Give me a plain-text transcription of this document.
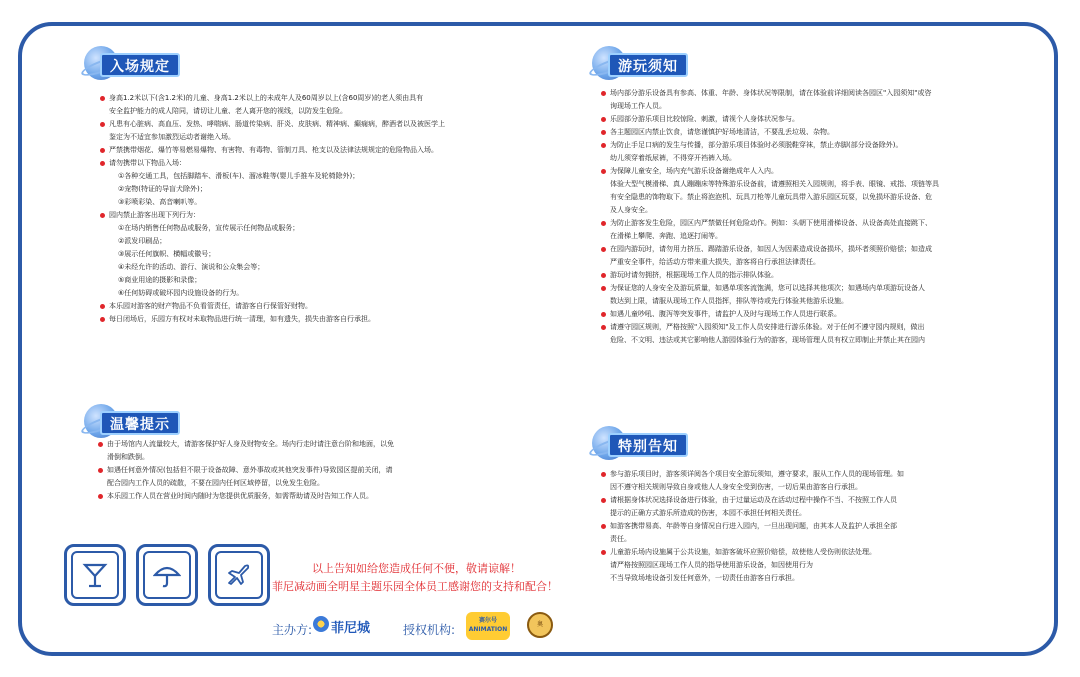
入场规定	游玩须知
温馨提示
特别告知
身高1.2米以下(含1.2米)的儿童、身高1.2米以上的未成年人及60周岁以上(含60周岁)的老人须由具有
安全监护能力的成人陪同，请切让儿童、老人离开您的视线，以防发生危险。
凡患有心脏病、高血压、发热、哮喘病、肠道传染病、肝炎、皮肤病、精神病、癫痫病，醉酒者以及被医学上
鉴定为不适宜参加激烈运动者谢绝入场。
严禁携带烟花、爆竹等易燃易爆物、有害物、有毒物、管制刀具、枪支以及法律法规规定的危险物品入场。
请勿携带以下物品入场：
①各种交通工具，包括脚踏车、滑板(车)、溜冰鞋等(婴儿手推车及轮椅除外)；
②宠物(特证的导盲犬除外)；
③彩喷彩染、高音喇叭等。
园内禁止游客出现下列行为：
①在场内销售任何物品或服务，宣传展示任何物品或服务；
②派发印刷品；
③展示任何旗帜、横幅或徽号；
④未经允许的活动、游行、演说和公众集会等；
⑤商业用途的摄影和录像；
⑥任何妨碍或破坏园内设施设备的行为。
本乐园对游客的财产物品不负看管责任，请游客自行保管好财物。
每日闭场后，乐园方有权对未取物品进行统一清理，如有遗失，损失由游客自行承担。
由于场馆内人流量较大，请游客保护好人身及财物安全。场内行走时请注意台阶和地面，以免
滑倒和跌倒。
如遇任何意外情况(包括但不限于设备故障、意外事故或其他突发事件)导致园区提前关闭，请
配合园内工作人员的疏散，不要在园内任何区域停留，以免发生危险。
本乐园工作人员在营业时间内随时为您提供优质服务，如需帮助请及时告知工作人员。
场内部分游乐设备具有参高、体重、年龄、身体状况等限制，请在体验前详细阅读各园区"入园须知"或咨
询现场工作人员。
乐园部分游乐项目比较惊险、刺激，请视个人身体状况参与。
各主题园区内禁止饮食，请您谨慎护好场地清洁，不要乱丢垃圾、杂物。
为防止手足口病的发生与传播，部分游乐项目体验时必须脱鞋穿袜，禁止赤脚(部分设备除外)。
幼儿须穿着纸尿裤，不得穿开裆裤入场。
为保障儿童安全，场内充气游乐设备谢绝成年人入内。
体验大型气模滑梯、真人蹦蹦床等特殊游乐设备前，请遵照相关入园规则，将手表、眼镜、戒指、项链等具
有安全隐患的饰物取下。禁止将泡泡机、玩具刀枪等儿童玩具带入游乐园区玩耍，以免损坏游乐设备、危
及人身安全。
为防止游客发生危险，园区内严禁做任何危险动作。例如：头朝下使用滑梯设备、从设备高处直接跳下、
在滑梯上攀爬、奔跑、追逐打闹等。
在园内游玩时，请勿用力挤压、踢踏游乐设备，如因人为因素造成设备损坏，损坏者须照价赔偿；如造成
严重安全事件，给活动方带来重大损失，游客将自行承担法律责任。
游玩时请勿拥挤，根据现场工作人员的指示排队体验。
为保证您的人身安全及游玩质量，如遇单项客流饱满，您可以选择其他项次；如遇场内单项游玩设备人
数达到上限，请服从现场工作人员指挥，排队等待或先行体验其他游乐设施。
如遇儿童吵吼、腹泻等突发事件，请监护人及时与现场工作人员进行联系。
请遵守园区规则，严格按照"入园须知"及工作人员安排进行游乐体验。对于任何不遵守园内规则，做出
危险、不文明、违法或其它影响他人游园体验行为的游客，现场管理人员有权立即制止并禁止其在园内
参与游乐项目时，游客须详阅各个项目安全游玩须知，遵守要求，服从工作人员的现场管理。如
因不遵守相关规则导致自身或他人人身安全受到伤害，一切后果由游客自行承担。
请根据身体状况选择设备进行体验，由于过量运动及在活动过程中操作不当、不按照工作人员
提示的正确方式游乐所造成的伤害，本园不承担任何相关责任。
如游客携带易高、年龄等自身情况自行进入园内，一旦出现问题，由其本人及监护人承担全部
责任。
儿童游乐场内设施属于公共设施，如游客破坏应照价赔偿，故使他人受伤则依法处理。
请严格按照园区现场工作人员的指导使用游乐设备，如因使用行为
不当导致场地设备引发任何意外，一切责任由游客自行承担。
以上告知如给您造成任何不便，敬请谅解！
菲尼减动画全明星主题乐园全体员工感谢您的支持和配合！
主办方: 菲尼城	授权机构:
赛尔号 ANIMATION
奥
